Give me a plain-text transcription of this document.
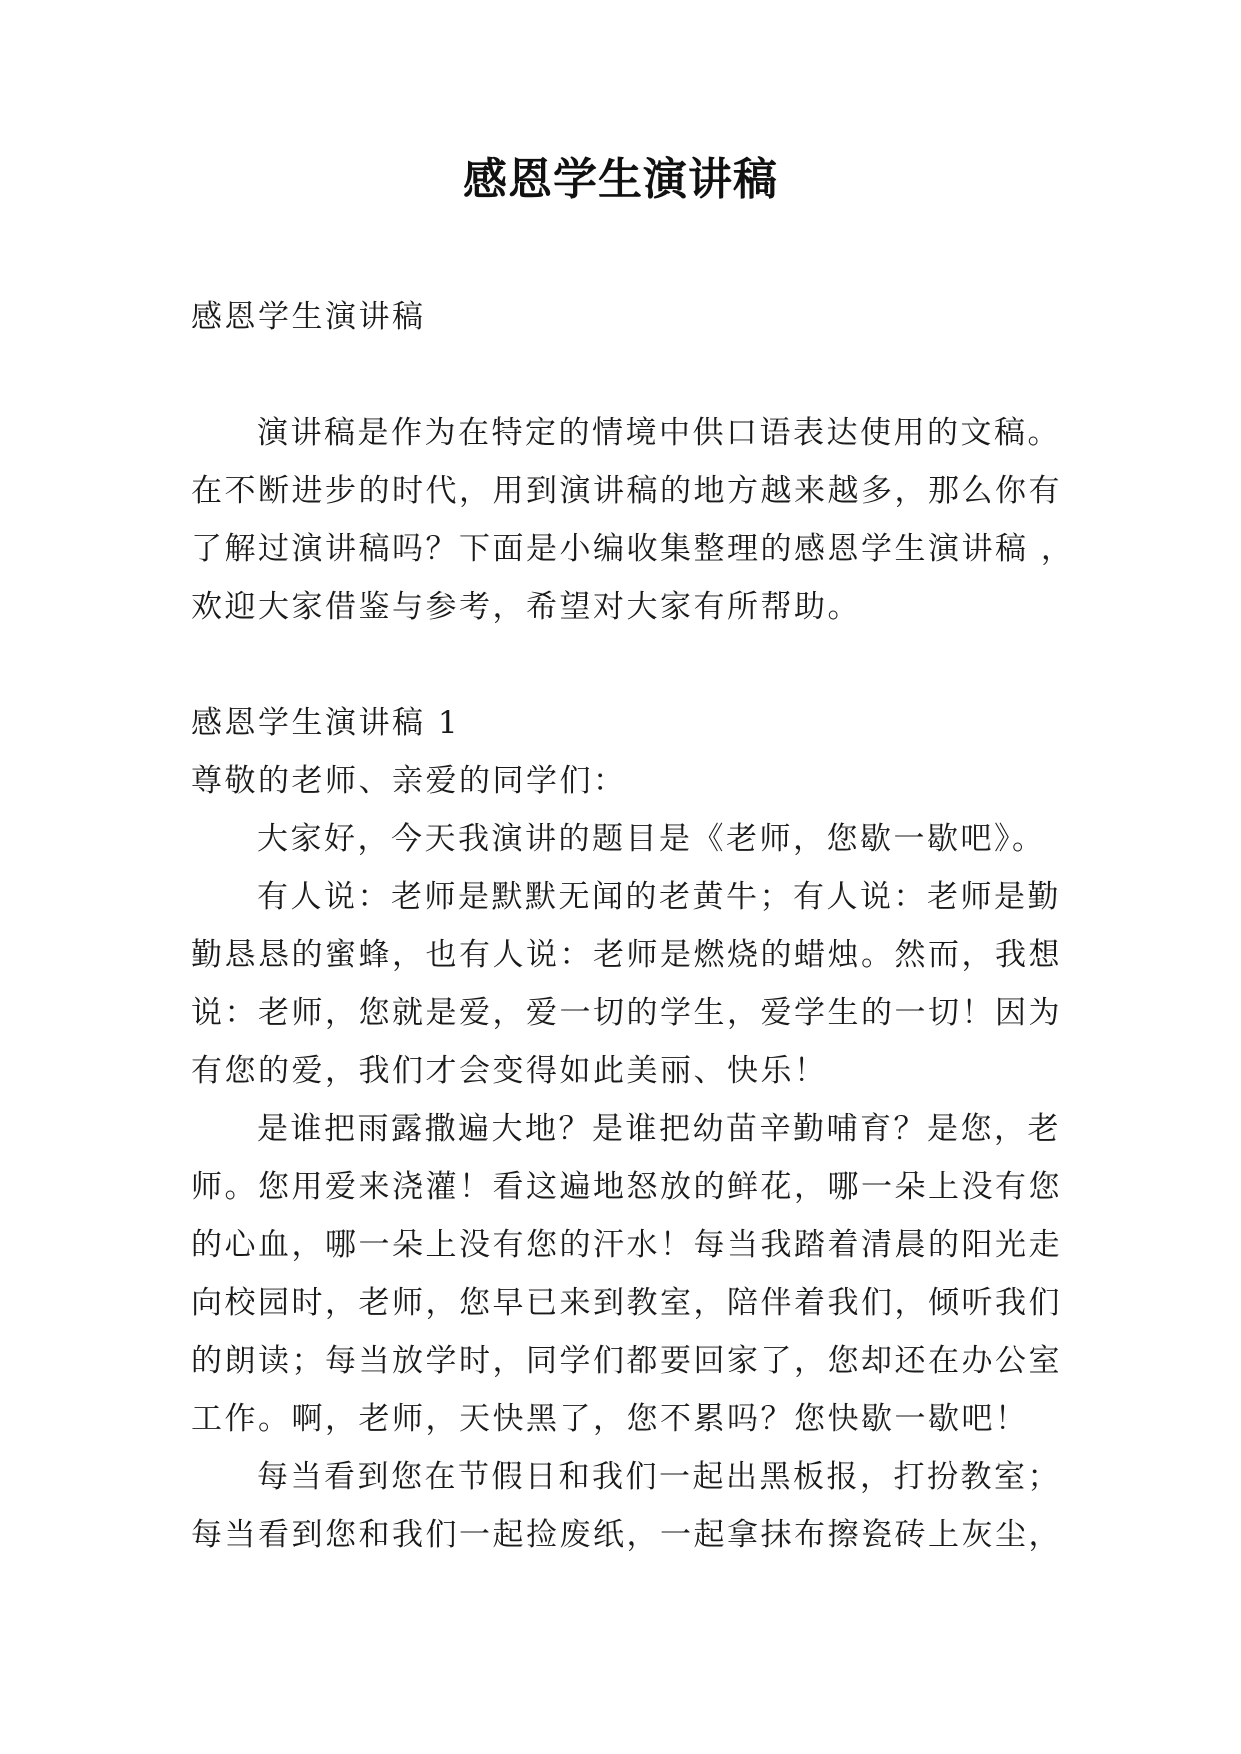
感恩学生演讲稿
感恩学生演讲稿
演讲稿是作为在特定的情境中供口语表达使用的文稿。
在不断进步的时代，用到演讲稿的地方越来越多，那么你有
了解过演讲稿吗？下面是小编收集整理的感恩学生演讲稿 ，
欢迎大家借鉴与参考，希望对大家有所帮助。
感恩学生演讲稿 1
尊敬的老师、亲爱的同学们：
大家好，今天我演讲的题目是《老师，您歇一歇吧》。
有人说：老师是默默无闻的老黄牛；有人说：老师是勤
勤恳恳的蜜蜂，也有人说：老师是燃烧的蜡烛。然而，我想
说：老师，您就是爱，爱一切的学生，爱学生的一切！因为
有您的爱，我们才会变得如此美丽、快乐！
是谁把雨露撒遍大地？是谁把幼苗辛勤哺育？是您，老
师。您用爱来浇灌！看这遍地怒放的鲜花，哪一朵上没有您
的心血，哪一朵上没有您的汗水！每当我踏着清晨的阳光走
向校园时，老师，您早已来到教室，陪伴着我们，倾听我们
的朗读；每当放学时，同学们都要回家了，您却还在办公室
工作。啊，老师，天快黑了，您不累吗？您快歇一歇吧！
每当看到您在节假日和我们一起出黑板报，打扮教室；
每当看到您和我们一起捡废纸，一起拿抹布擦瓷砖上灰尘，
